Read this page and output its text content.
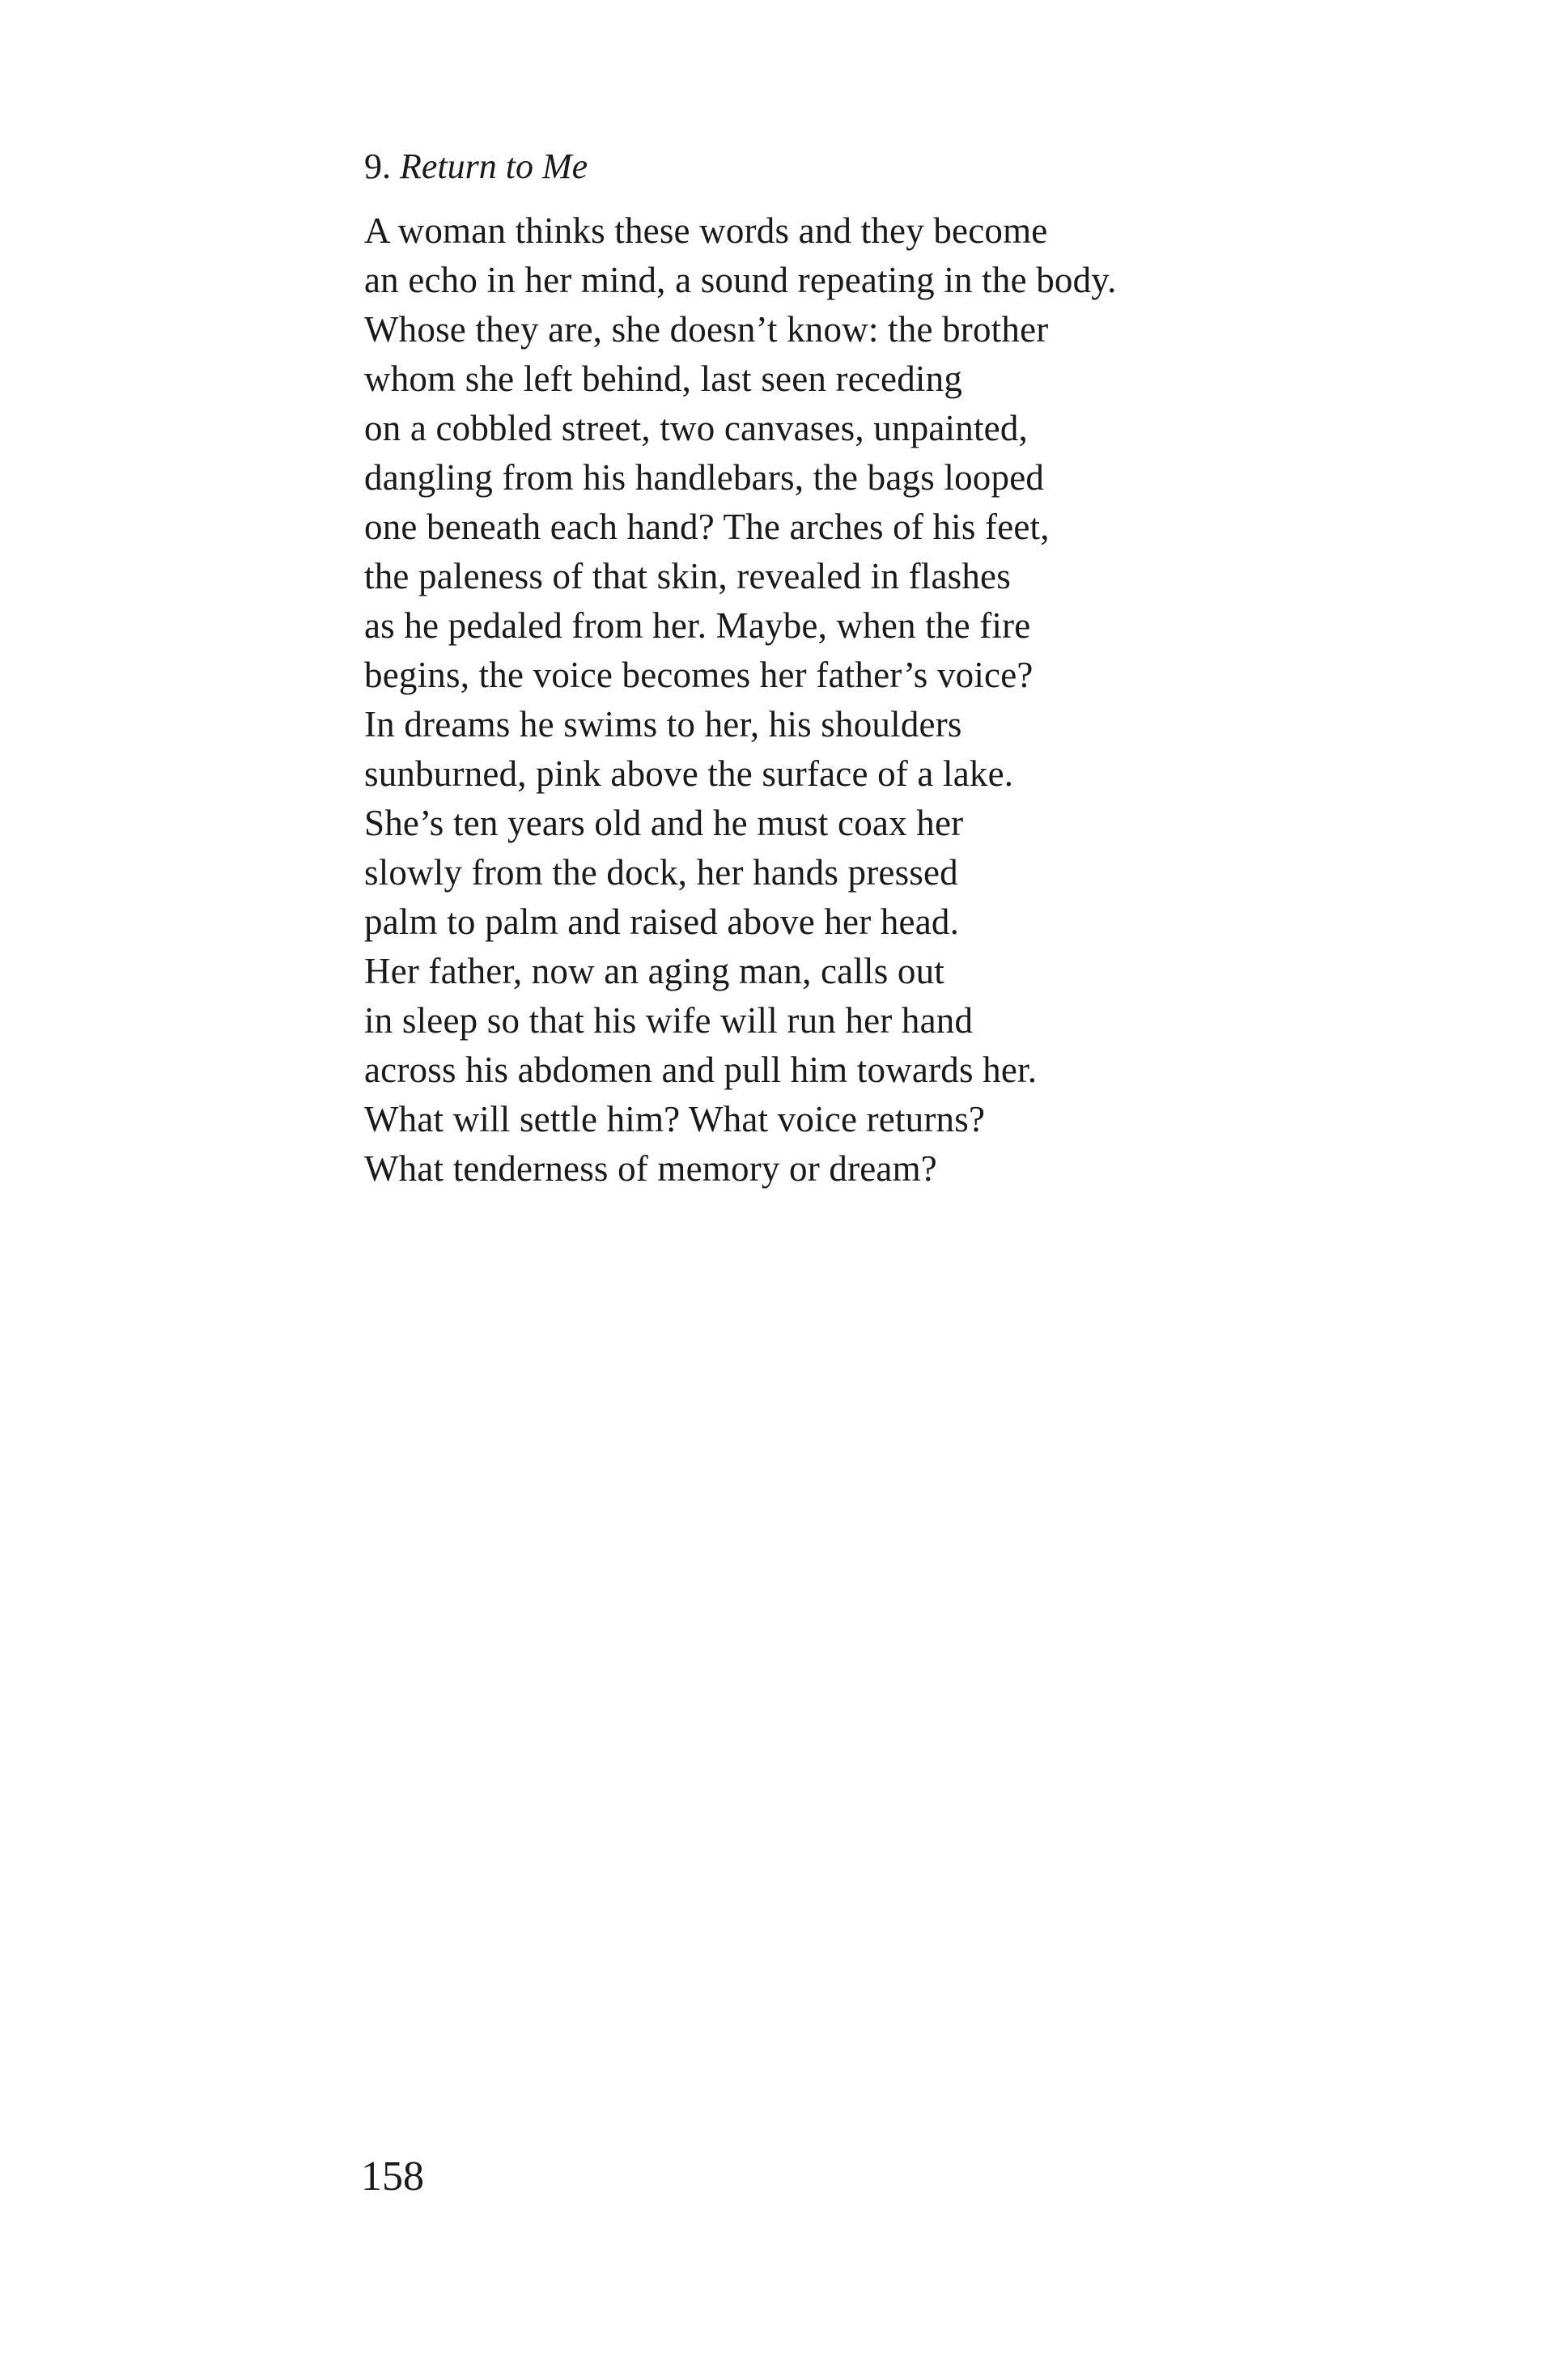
9. Return to Me
A woman thinks these words and they become
an echo in her mind, a sound repeating in the body.
Whose they are, she doesn’t know: the brother
whom she left behind, last seen receding
on a cobbled street, two canvases, unpainted,
dangling from his handlebars, the bags looped
one beneath each hand? The arches of his feet,
the paleness of that skin, revealed in flashes
as he pedaled from her. Maybe, when the fire
begins, the voice becomes her father’s voice?
In dreams he swims to her, his shoulders
sunburned, pink above the surface of a lake.
She’s ten years old and he must coax her
slowly from the dock, her hands pressed
palm to palm and raised above her head.
Her father, now an aging man, calls out
in sleep so that his wife will run her hand
across his abdomen and pull him towards her.
What will settle him? What voice returns?
What tenderness of memory or dream?
158
